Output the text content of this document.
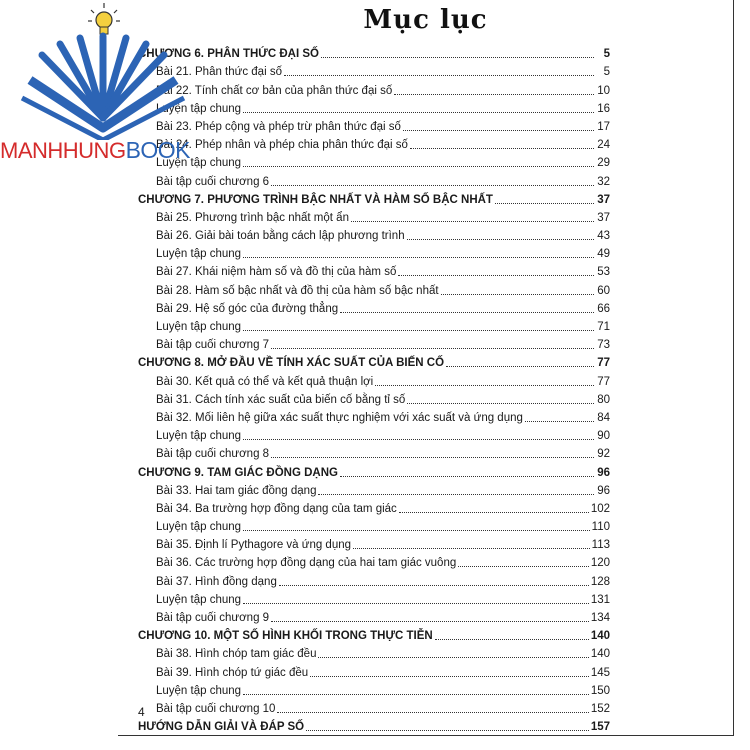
Mục lục
CHƯƠNG 6. PHÂN THỨC ĐẠI SỐ	5
Bài 21. Phân thức đại số	5
Bài 22. Tính chất cơ bản của phân thức đại số	10
Luyện tập chung	16
Bài 23. Phép cộng và phép trừ phân thức đại số	17
Bài 24. Phép nhân và phép chia phân thức đại số	24
Luyện tập chung	29
Bài tập cuối chương 6	32
CHƯƠNG 7. PHƯƠNG TRÌNH BẬC NHẤT VÀ HÀM SỐ BẬC NHẤT	37
Bài 25. Phương trình bậc nhất một ẩn	37
Bài 26. Giải bài toán bằng cách lập phương trình	43
Luyện tập chung	49
Bài 27. Khái niệm hàm số và đồ thị của hàm số	53
Bài 28. Hàm số bậc nhất và đồ thị của hàm số bậc nhất	60
Bài 29. Hệ số góc của đường thẳng	66
Luyện tập chung	71
Bài tập cuối chương 7	73
CHƯƠNG 8. MỞ ĐẦU VỀ TÍNH XÁC SUẤT CỦA BIẾN CỐ	77
Bài 30. Kết quả có thể và kết quả thuận lợi	77
Bài 31. Cách tính xác suất của biến cố bằng tỉ số	80
Bài 32. Mối liên hệ giữa xác suất thực nghiệm với xác suất và ứng dụng	84
Luyện tập chung	90
Bài tập cuối chương 8	92
CHƯƠNG 9. TAM GIÁC ĐỒNG DẠNG	96
Bài 33. Hai tam giác đồng dạng	96
Bài 34. Ba trường hợp đồng dạng của tam giác	102
Luyện tập chung	110
Bài 35. Định lí Pythagore và ứng dụng	113
Bài 36. Các trường hợp đồng dạng của hai tam giác vuông	120
Bài 37. Hình đồng dạng	128
Luyện tập chung	131
Bài tập cuối chương 9	134
CHƯƠNG 10. MỘT SỐ HÌNH KHỐI TRONG THỰC TIỄN	140
Bài 38. Hình chóp tam giác đều	140
Bài 39. Hình chóp tứ giác đều	145
Luyện tập chung	150
Bài tập cuối chương 10	152
HƯỚNG DẪN GIẢI VÀ ĐÁP SỐ	157
4
MANHHUNGBOOK
